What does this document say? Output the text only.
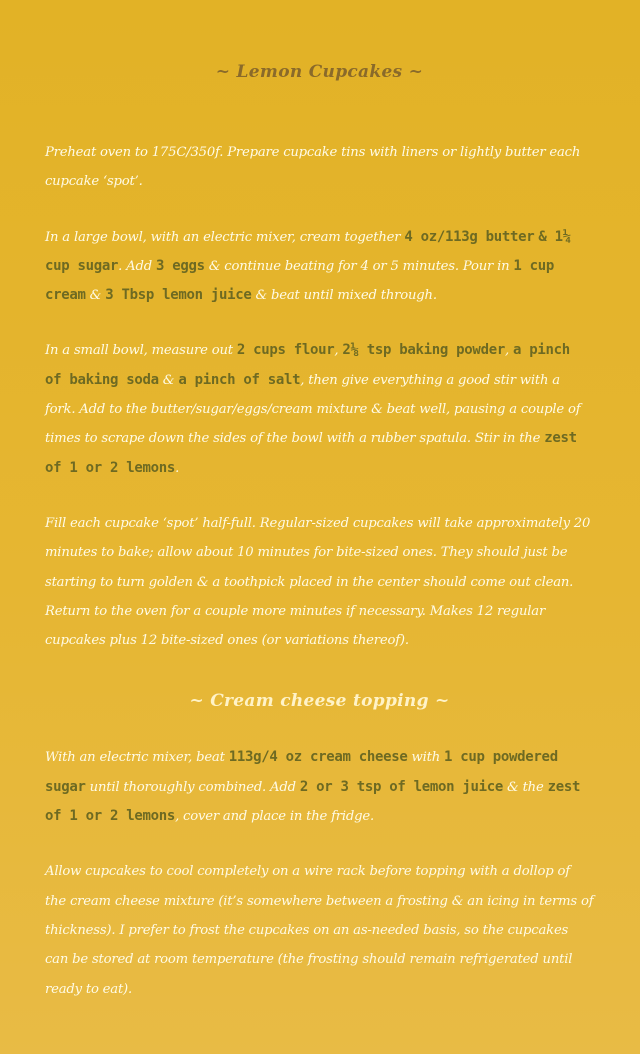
~ Lemon Cupcakes ~

Preheat oven to 175C/350f. Prepare cupcake tins with liners or lightly butter each cupcake ‘spot’.

In a large bowl, with an electric mixer, cream together 4 oz/113g butter & 1¼ cup sugar. Add 3 eggs & continue beating for 4 or 5 minutes. Pour in 1 cup cream & 3 Tbsp lemon juice & beat until mixed through.

In a small bowl, measure out 2 cups flour, 2⅛ tsp baking powder, a pinch of baking soda & a pinch of salt, then give everything a good stir with a fork. Add to the butter/sugar/eggs/cream mixture & beat well, pausing a couple of times to scrape down the sides of the bowl with a rubber spatula. Stir in the zest of 1 or 2 lemons.

Fill each cupcake ‘spot’ half-full. Regular-sized cupcakes will take approximately 20 minutes to bake; allow about 10 minutes for bite-sized ones. They should just be starting to turn golden & a toothpick placed in the center should come out clean. Return to the oven for a couple more minutes if necessary. Makes 12 regular cupcakes plus 12 bite-sized ones (or variations thereof).

~ Cream cheese topping ~

With an electric mixer, beat 113g/4 oz cream cheese with 1 cup powdered sugar until thoroughly combined. Add 2 or 3 tsp of lemon juice & the zest of 1 or 2 lemons, cover and place in the fridge.

Allow cupcakes to cool completely on a wire rack before topping with a dollop of the cream cheese mixture (it’s somewhere between a frosting & an icing in terms of thickness). I prefer to frost the cupcakes on an as-needed basis, so the cupcakes can be stored at room temperature (the frosting should remain refrigerated until ready to eat).
